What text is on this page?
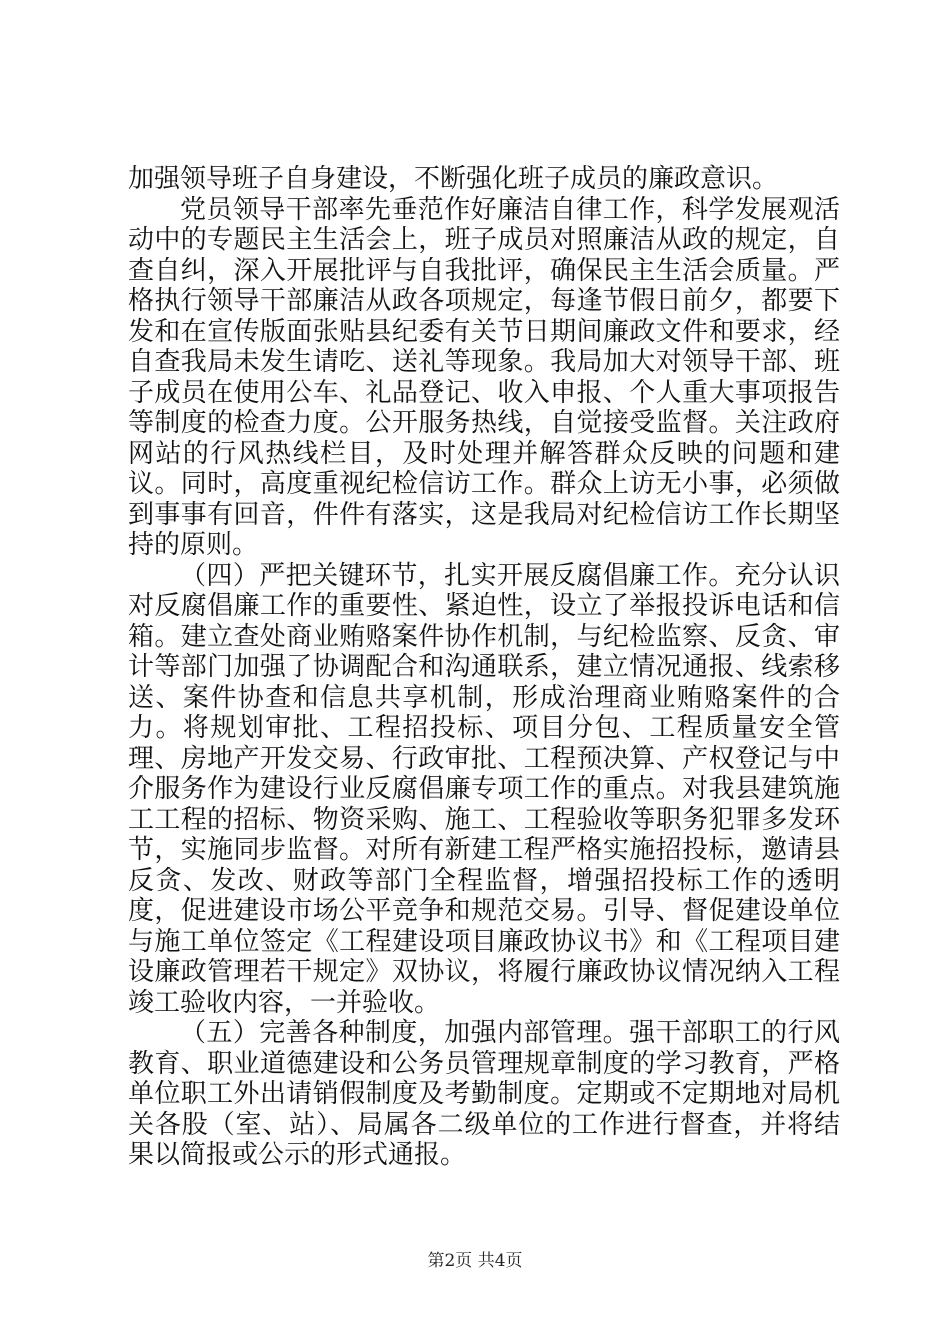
加强领导班子自身建设，不断强化班子成员的廉政意识。

党员领导干部率先垂范作好廉洁自律工作，科学发展观活动中的专题民主生活会上，班子成员对照廉洁从政的规定，自查自纠，深入开展批评与自我批评，确保民主生活会质量。严格执行领导干部廉洁从政各项规定，每逢节假日前夕，都要下发和在宣传版面张贴县纪委有关节日期间廉政文件和要求，经自查我局未发生请吃、送礼等现象。我局加大对领导干部、班子成员在使用公车、礼品登记、收入申报、个人重大事项报告等制度的检查力度。公开服务热线，自觉接受监督。关注政府网站的行风热线栏目，及时处理并解答群众反映的问题和建议。同时，高度重视纪检信访工作。群众上访无小事，必须做到事事有回音，件件有落实，这是我局对纪检信访工作长期坚持的原则。

（四）严把关键环节，扎实开展反腐倡廉工作。充分认识对反腐倡廉工作的重要性、紧迫性，设立了举报投诉电话和信箱。建立查处商业贿赂案件协作机制，与纪检监察、反贪、审计等部门加强了协调配合和沟通联系，建立情况通报、线索移送、案件协查和信息共享机制，形成治理商业贿赂案件的合力。将规划审批、工程招投标、项目分包、工程质量安全管理、房地产开发交易、行政审批、工程预决算、产权登记与中介服务作为建设行业反腐倡廉专项工作的重点。对我县建筑施工工程的招标、物资采购、施工、工程验收等职务犯罪多发环节，实施同步监督。对所有新建工程严格实施招投标，邀请县反贪、发改、财政等部门全程监督，增强招投标工作的透明度，促进建设市场公平竞争和规范交易。引导、督促建设单位与施工单位签定《工程建设项目廉政协议书》和《工程项目建设廉政管理若干规定》双协议，将履行廉政协议情况纳入工程竣工验收内容，一并验收。

（五）完善各种制度，加强内部管理。强干部职工的行风教育、职业道德建设和公务员管理规章制度的学习教育，严格单位职工外出请销假制度及考勤制度。定期或不定期地对局机关各股（室、站）、局属各二级单位的工作进行督查，并将结果以简报或公示的形式通报。

第2页 共4页
